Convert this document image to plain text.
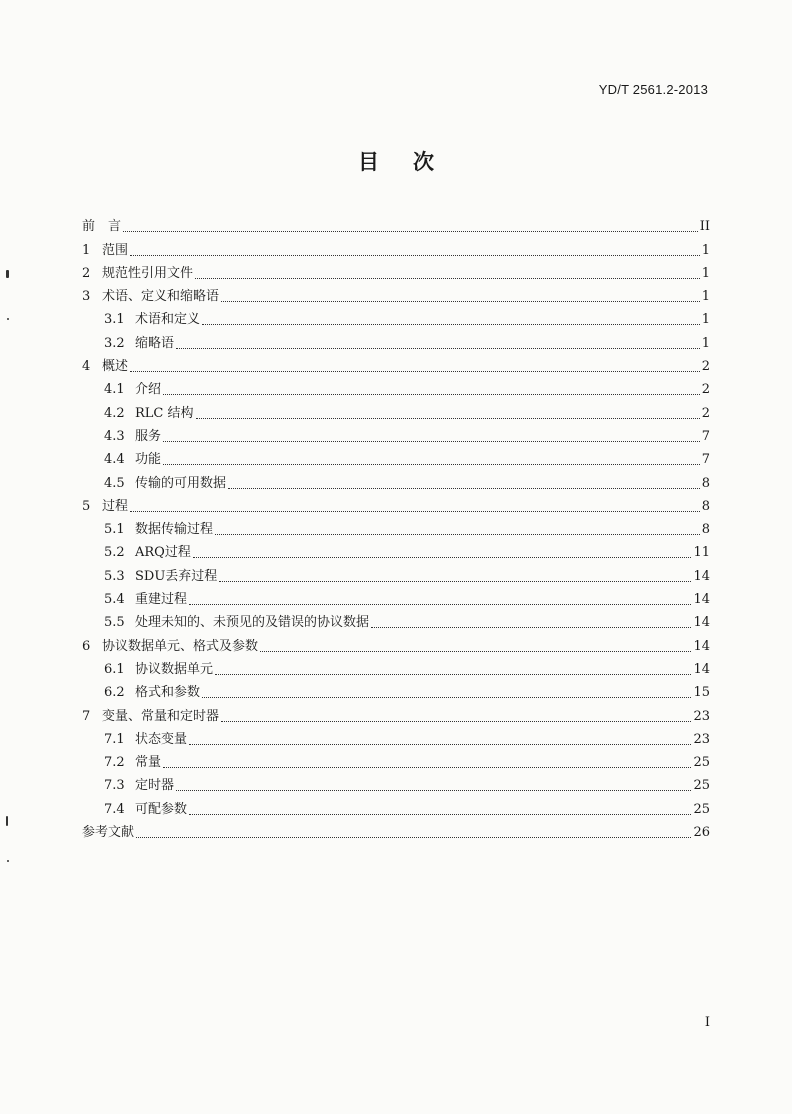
YD/T 2561.2-2013
目次
前　言	II
1 范围	1
2 规范性引用文件	1
3 术语、定义和缩略语	1
3.1 术语和定义	1
3.2 缩略语	1
4 概述	2
4.1 介绍	2
4.2 RLC 结构	2
4.3 服务	7
4.4 功能	7
4.5 传输的可用数据	8
5 过程	8
5.1 数据传输过程	8
5.2 ARQ过程	11
5.3 SDU丢弃过程	14
5.4 重建过程	14
5.5 处理未知的、未预见的及错误的协议数据	14
6 协议数据单元、格式及参数	14
6.1 协议数据单元	14
6.2 格式和参数	15
7 变量、常量和定时器	23
7.1 状态变量	23
7.2 常量	25
7.3 定时器	25
7.4 可配参数	25
参考文献	26
I
